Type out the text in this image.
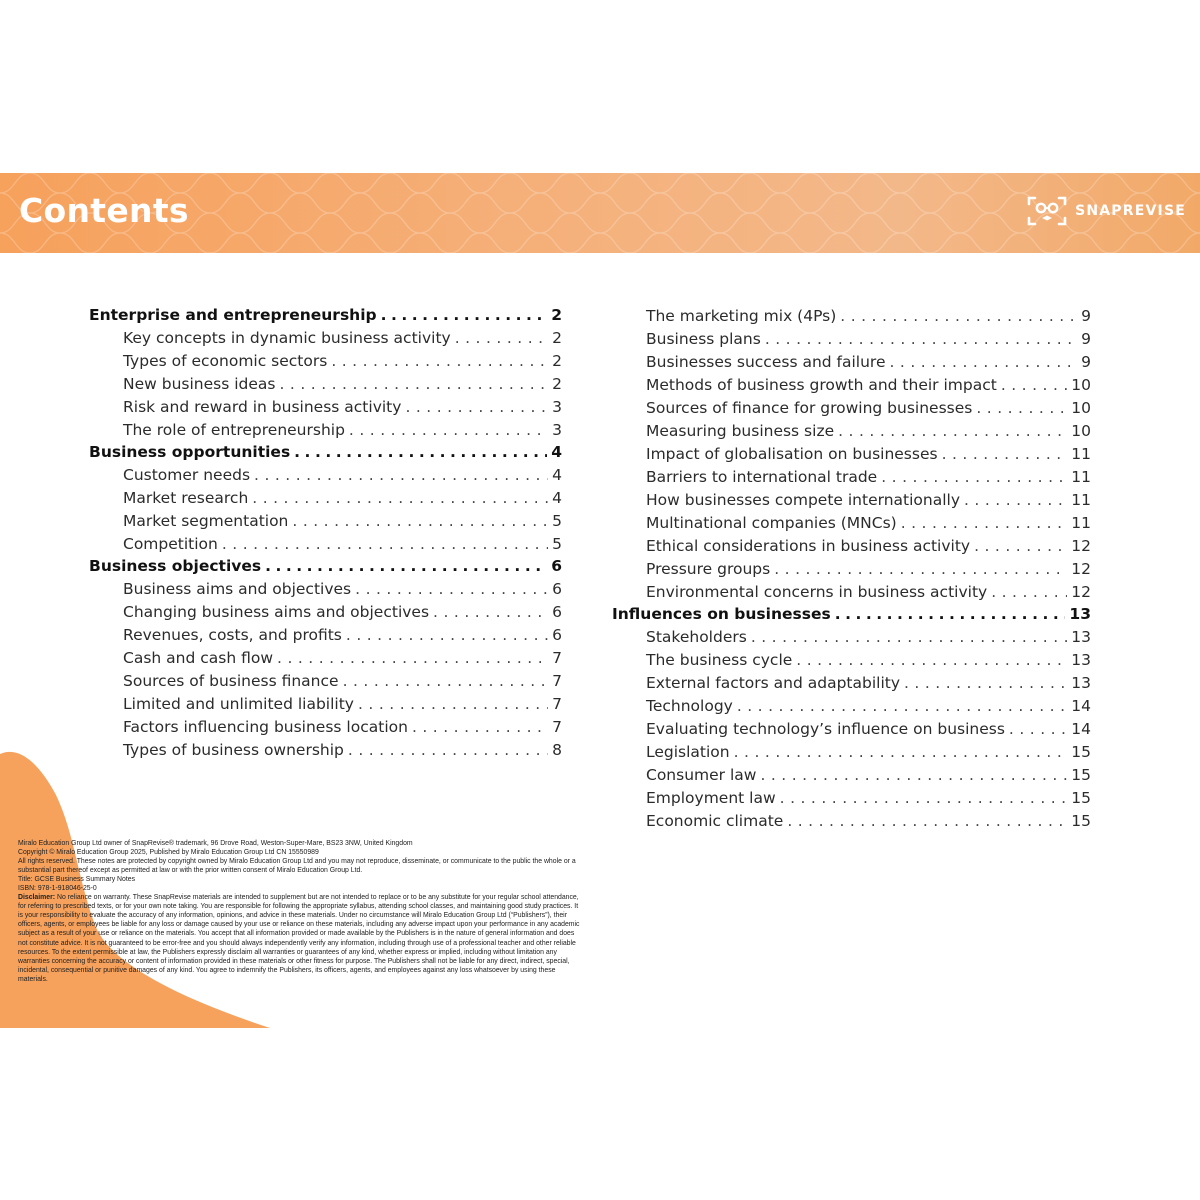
Contents	SNAPREVISE
Enterprise and entrepreneurship .....	2
Key concepts in dynamic business activity .....	2
Types of economic sectors .....	2
New business ideas .....	2
Risk and reward in business activity .....	3
The role of entrepreneurship .....	3
Business opportunities .....	4
Customer needs .....	4
Market research .....	4
Market segmentation .....	5
Competition .....	5
Business objectives .....	6
Business aims and objectives .....	6
Changing business aims and objectives .....	6
Revenues, costs, and profits .....	6
Cash and cash flow .....	7
Sources of business finance .....	7
Limited and unlimited liability .....	7
Factors influencing business location .....	7
Types of business ownership .....	8
The marketing mix (4Ps) .....	9
Business plans .....	9
Businesses success and failure .....	9
Methods of business growth and their impact .....	10
Sources of finance for growing businesses .....	10
Measuring business size .....	10
Impact of globalisation on businesses .....	11
Barriers to international trade .....	11
How businesses compete internationally .....	11
Multinational companies (MNCs) .....	11
Ethical considerations in business activity .....	12
Pressure groups .....	12
Environmental concerns in business activity .....	12
Influences on businesses .....	13
Stakeholders .....	13
The business cycle .....	13
External factors and adaptability .....	13
Technology .....	14
Evaluating technology’s influence on business .....	14
Legislation .....	15
Consumer law .....	15
Employment law .....	15
Economic climate .....	15

Miralo Education Group Ltd owner of SnapRevise® trademark, 96 Drove Road, Weston-Super-Mare, BS23 3NW, United Kingdom

Copyright © Miralo Education Group 2025, Published by Miralo Education Group Ltd CN 15550989

All rights reserved. These notes are protected by copyright owned by Miralo Education Group Ltd and you may not reproduce, disseminate, or communicate to the public the whole or a substantial part thereof except as permitted at law or with the prior written consent of Miralo Education Group Ltd.

Title: GCSE Business Summary Notes

ISBN: 978-1-918046-25-0

Disclaimer: No reliance on warranty. These SnapRevise materials are intended to supplement but are not intended to replace or to be any substitute for your regular school attendance, for referring to prescribed texts, or for your own note taking. You are responsible for following the appropriate syllabus, attending school classes, and maintaining good study practices. It is your responsibility to evaluate the accuracy of any information, opinions, and advice in these materials. Under no circumstance will Miralo Education Group Ltd (“Publishers”), their officers, agents, or employees be liable for any loss or damage caused by your use or reliance on these materials, including any adverse impact upon your performance in any academic subject as a result of your use or reliance on the materials. You accept that all information provided or made available by the Publishers is in the nature of general information and does not constitute advice. It is not guaranteed to be error-free and you should always independently verify any information, including through use of a professional teacher and other reliable resources. To the extent permissible at law, the Publishers expressly disclaim all warranties or guarantees of any kind, whether express or implied, including without limitation any warranties concerning the accuracy or content of information provided in these materials or other fitness for purpose. The Publishers shall not be liable for any direct, indirect, special, incidental, consequential or punitive damages of any kind. You agree to indemnify the Publishers, its officers, agents, and employees against any loss whatsoever by using these materials.
